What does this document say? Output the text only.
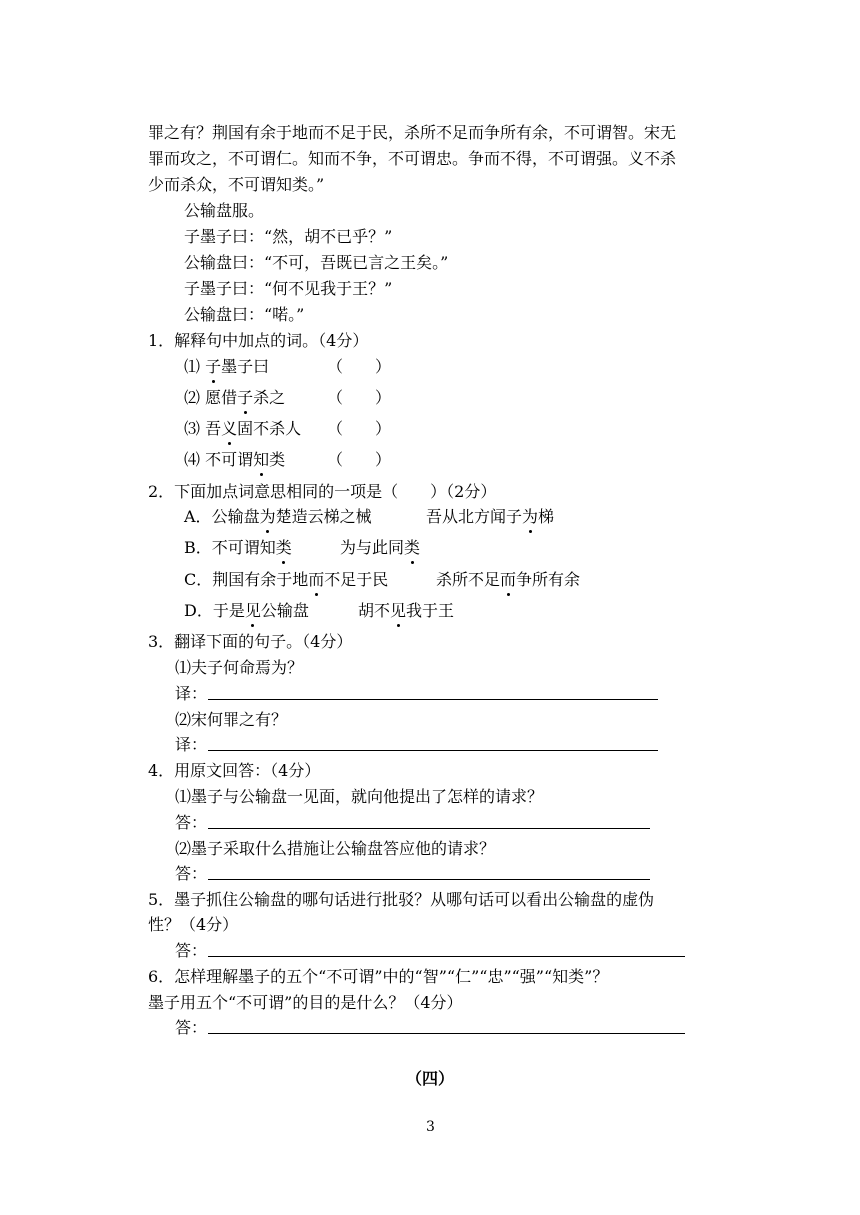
罪之有？荆国有余于地而不足于民，杀所不足而争所有余，不可谓智。宋无
罪而攻之，不可谓仁。知而不争，不可谓忠。争而不得，不可谓强。义不杀
少而杀众，不可谓知类。”
公输盘服。
子墨子曰：“然，胡不已乎？”
公输盘曰：“不可，吾既已言之王矣。”
子墨子曰：“何不见我于王？”
公输盘曰：“喏。”
1．解释句中加点的词。（4分）
⑴ 子墨子曰	（　　）
⑵ 愿借子杀之	（　　）
⑶ 吾义固不杀人 （　　）
⑷ 不可谓知类	（　　）
2．下面加点词意思相同的一项是（　　）（2分）
A．公输盘为楚造云梯之械	吾从北方闻子为梯
B．不可谓知类	为与此同类
C．荆国有余于地而不足于民	杀所不足而争所有余
D．于是见公输盘	胡不见我于王
3．翻译下面的句子。（4分）
⑴夫子何命焉为？
译：
⑵宋何罪之有？
译：
4．用原文回答：（4分）
⑴墨子与公输盘一见面，就向他提出了怎样的请求？
答：
⑵墨子采取什么措施让公输盘答应他的请求？
答：
5．墨子抓住公输盘的哪句话进行批驳？从哪句话可以看出公输盘的虚伪
性？（4分）
答：
6．怎样理解墨子的五个“不可谓”中的“智”“仁”“忠”“强”“知类”？
墨子用五个“不可谓”的目的是什么？（4分）
答：
（四）
3
